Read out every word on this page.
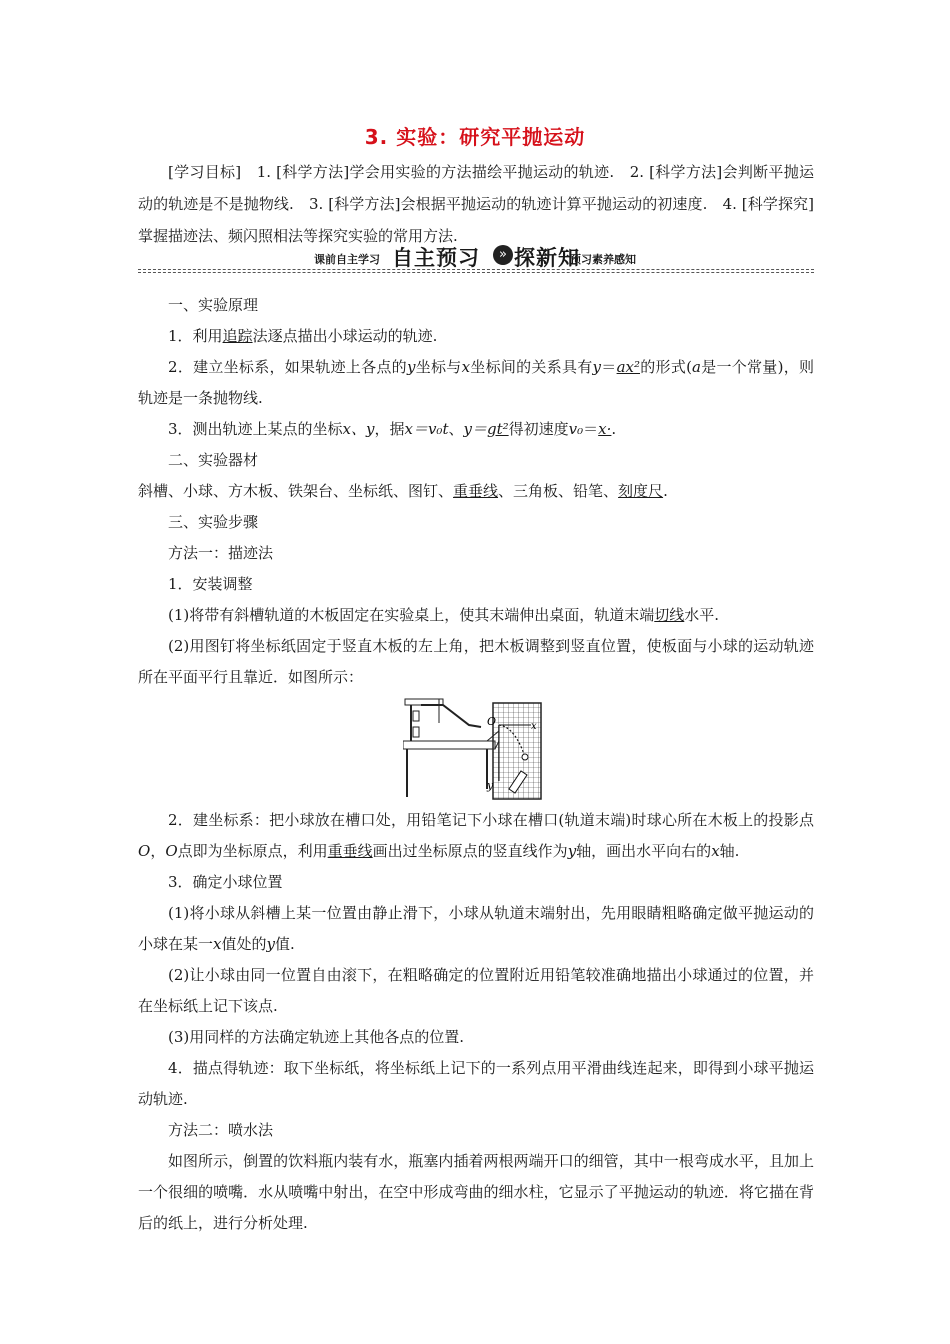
3. 实验：研究平抛运动
[学习目标]　1. [科学方法]学会用实验的方法描绘平抛运动的轨迹.　2. [科学方法]会判断平抛运动的轨迹是不是抛物线.　3. [科学方法]会根据平抛运动的轨迹计算平抛运动的初速度.　4. [科学探究]掌握描迹法、频闪照相法等探究实验的常用方法.
课前自主学习 自主预习	» 探新知
预习素养感知

一、实验原理

1．利用追踪法逐点描出小球运动的轨迹.

2．建立坐标系，如果轨迹上各点的y坐标与x坐标间的关系具有y＝ax²的形式(a是一个常量)，则轨迹是一条抛物线.

3．测出轨迹上某点的坐标x、y，据x＝v₀t、y＝gt²得初速度v₀＝x·.

二、实验器材

斜槽、小球、方木板、铁架台、坐标纸、图钉、重垂线、三角板、铅笔、刻度尺.

三、实验步骤

方法一：描迹法

1．安装调整

(1)将带有斜槽轨道的木板固定在实验桌上，使其末端伸出桌面，轨道末端切线水平.

(2)用图钉将坐标纸固定于竖直木板的左上角，把木板调整到竖直位置，使板面与小球的运动轨迹所在平面平行且靠近．如图所示：

O	x
y

2．建坐标系：把小球放在槽口处，用铅笔记下小球在槽口(轨道末端)时球心所在木板上的投影点O，O点即为坐标原点，利用重垂线画出过坐标原点的竖直线作为y轴，画出水平向右的x轴.

3．确定小球位置

(1)将小球从斜槽上某一位置由静止滑下，小球从轨道末端射出，先用眼睛粗略确定做平抛运动的小球在某一x值处的y值.

(2)让小球由同一位置自由滚下，在粗略确定的位置附近用铅笔较准确地描出小球通过的位置，并在坐标纸上记下该点.

(3)用同样的方法确定轨迹上其他各点的位置.

4．描点得轨迹：取下坐标纸，将坐标纸上记下的一系列点用平滑曲线连起来，即得到小球平抛运动轨迹.

方法二：喷水法

如图所示，倒置的饮料瓶内装有水，瓶塞内插着两根两端开口的细管，其中一根弯成水平，且加上一个很细的喷嘴．水从喷嘴中射出，在空中形成弯曲的细水柱，它显示了平抛运动的轨迹．将它描在背后的纸上，进行分析处理.
